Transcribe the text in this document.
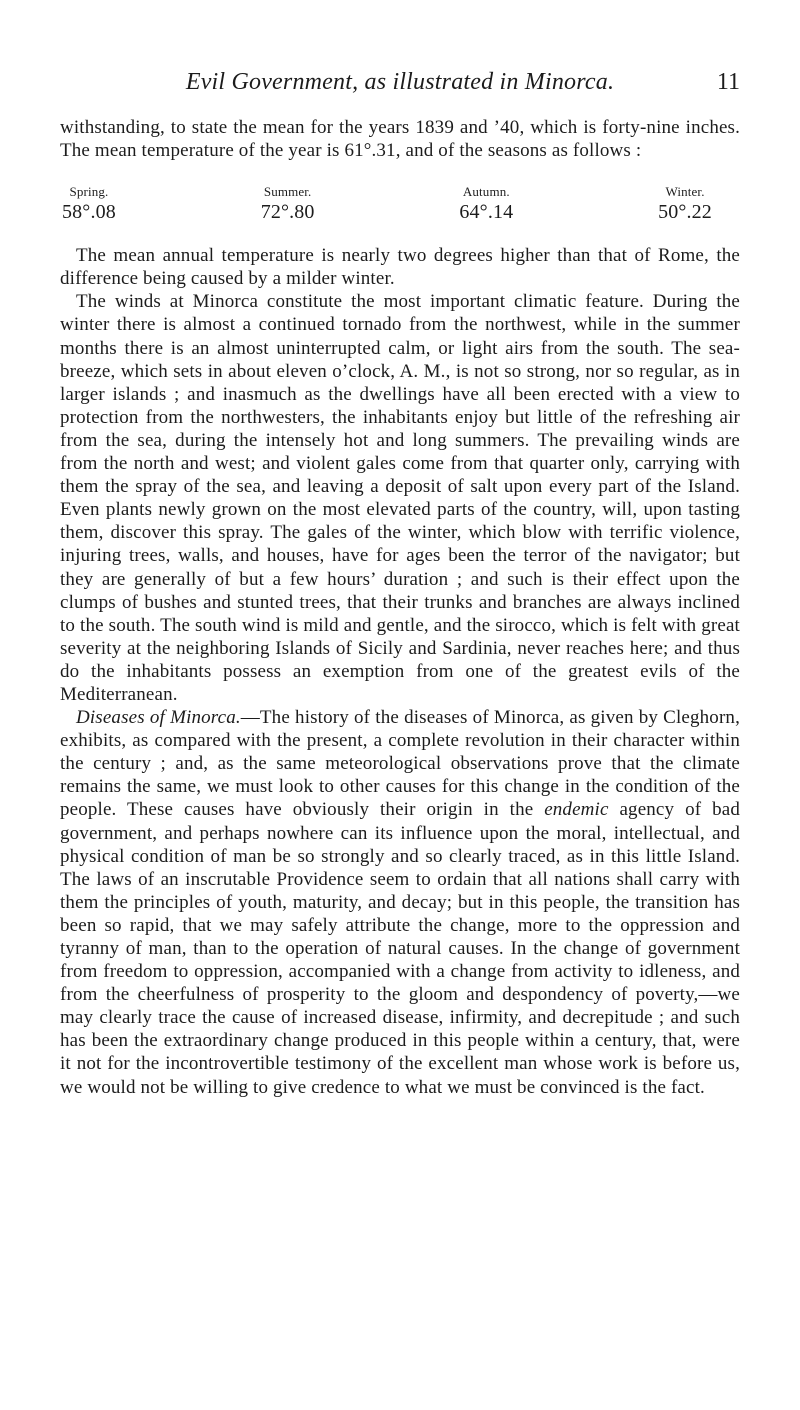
Evil Government, as illustrated in Minorca.	11

withstanding, to state the mean for the years 1839 and ’40, which is forty-nine inches. The mean temperature of the year is 61°.31, and of the seasons as follows :

Spring.
58°.08
Summer.
72°.80
Autumn.
64°.14
Winter.
50°.22

The mean annual temperature is nearly two degrees higher than that of Rome, the difference being caused by a milder winter.

The winds at Minorca constitute the most important climatic feature. During the winter there is almost a continued tornado from the northwest, while in the summer months there is an almost uninterrupted calm, or light airs from the south. The sea-breeze, which sets in about eleven o’clock, A. M., is not so strong, nor so regular, as in larger islands ; and inasmuch as the dwellings have all been erected with a view to protection from the northwesters, the inhabitants enjoy but little of the refreshing air from the sea, during the intensely hot and long summers. The prevailing winds are from the north and west; and violent gales come from that quarter only, carrying with them the spray of the sea, and leaving a deposit of salt upon every part of the Island. Even plants newly grown on the most elevated parts of the country, will, upon tasting them, discover this spray. The gales of the winter, which blow with terrific violence, injuring trees, walls, and houses, have for ages been the terror of the navigator; but they are generally of but a few hours’ duration ; and such is their effect upon the clumps of bushes and stunted trees, that their trunks and branches are always inclined to the south. The south wind is mild and gentle, and the sirocco, which is felt with great severity at the neighboring Islands of Sicily and Sardinia, never reaches here; and thus do the inhabitants possess an exemption from one of the greatest evils of the Mediterranean.

Diseases of Minorca.—The history of the diseases of Minorca, as given by Cleghorn, exhibits, as compared with the present, a complete revolution in their character within the century ; and, as the same meteorological observations prove that the climate remains the same, we must look to other causes for this change in the condition of the people. These causes have obviously their origin in the endemic agency of bad government, and perhaps nowhere can its influence upon the moral, intellectual, and physical condition of man be so strongly and so clearly traced, as in this little Island. The laws of an inscrutable Providence seem to ordain that all nations shall carry with them the principles of youth, maturity, and decay; but in this people, the transition has been so rapid, that we may safely attribute the change, more to the oppression and tyranny of man, than to the operation of natural causes. In the change of government from freedom to oppression, accompanied with a change from activity to idleness, and from the cheerfulness of prosperity to the gloom and despondency of poverty,—we may clearly trace the cause of increased disease, infirmity, and decrepitude ; and such has been the extraordinary change produced in this people within a century, that, were it not for the incontrovertible testimony of the excellent man whose work is before us, we would not be willing to give credence to what we must be convinced is the fact.
